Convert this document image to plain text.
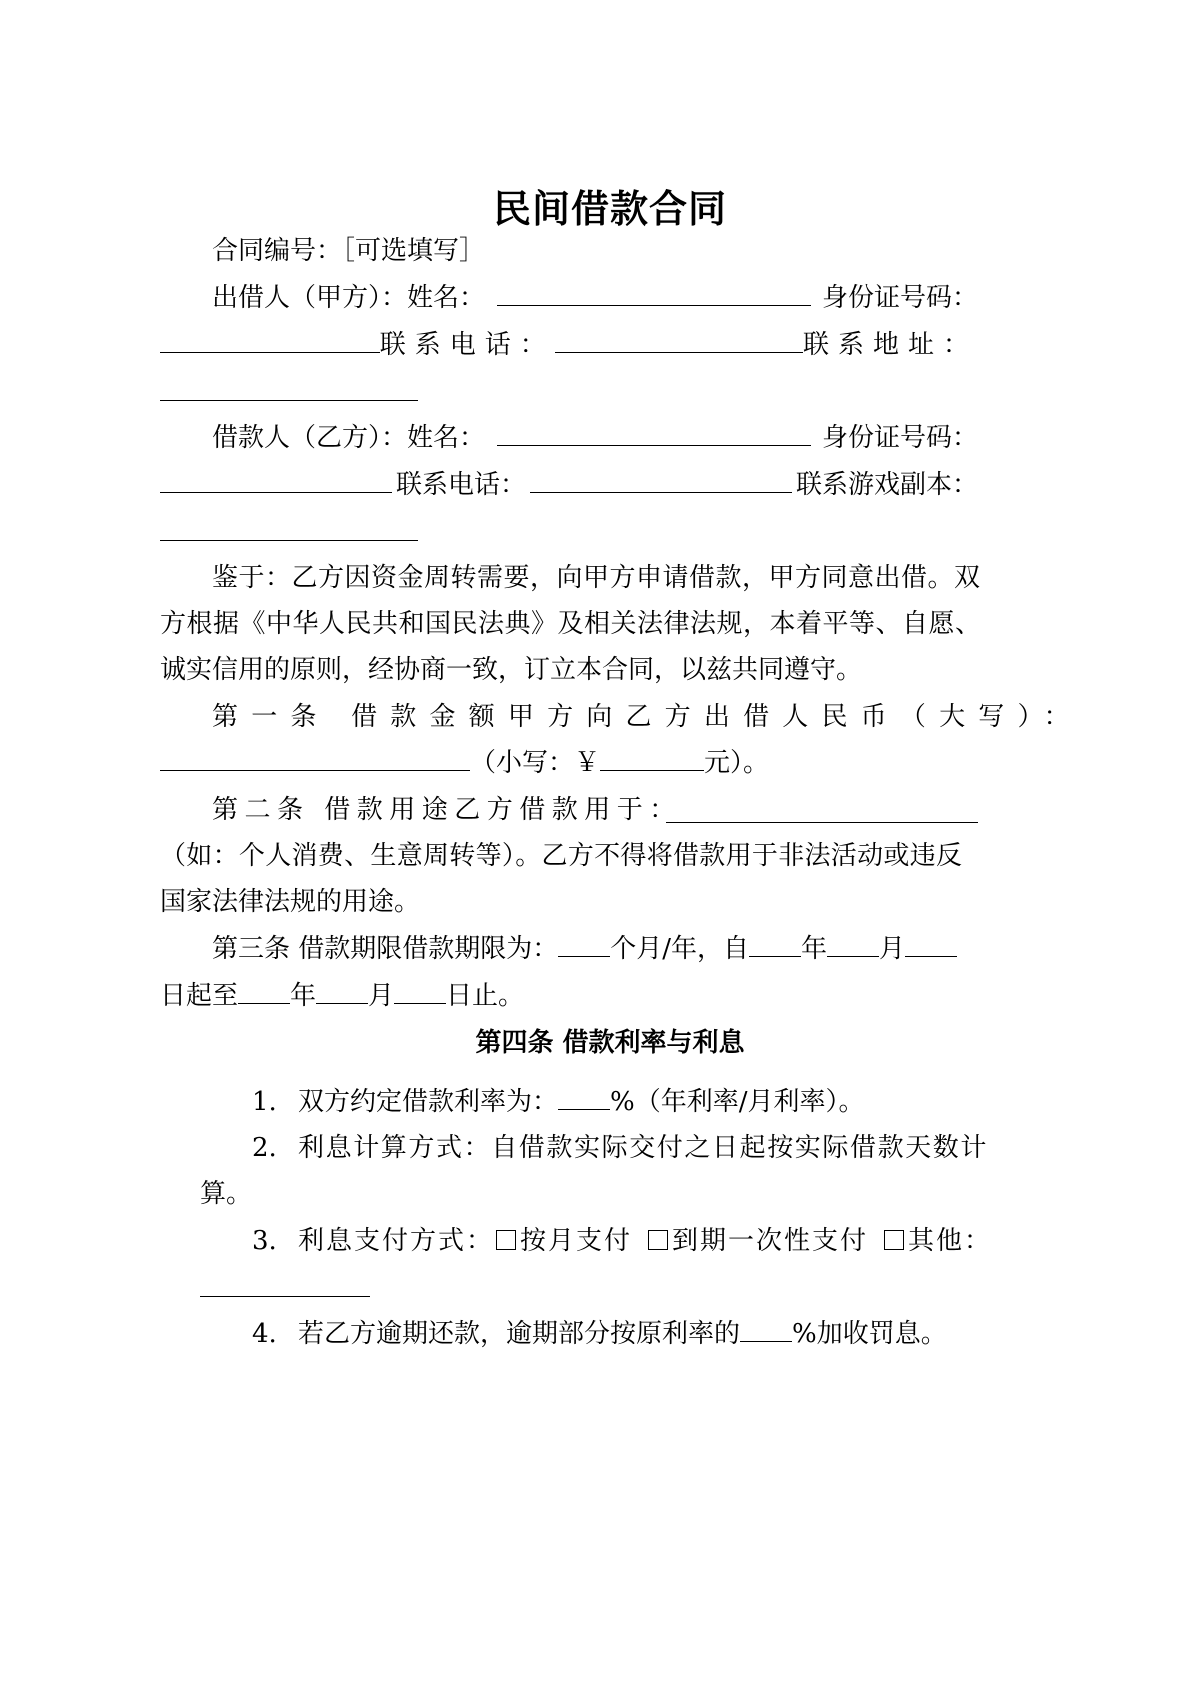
民间借款合同
合同编号：［可选填写］
出借人（甲方）：姓名：	身份证号码：
联系电话：	联系地址：
借款人（乙方）：姓名：	身份证号码：
联系电话：	联系游戏副本：
鉴于：乙方因资金周转需要，向甲方申请借款，甲方同意出借。双
方根据《中华人民共和国民法典》及相关法律法规，本着平等、自愿、
诚实信用的原则，经协商一致，订立本合同，以兹共同遵守。
第一条 借款金额甲方向乙方出借人民币（大写）：
（小写：￥	元）。
第二条 借款用途乙方借款用于：
（如：个人消费、生意周转等）。乙方不得将借款用于非法活动或违反
国家法律法规的用途。
第三条 借款期限借款期限为： 个月/年，自 年 月
日起至 年 月 日止。
第四条 借款利率与利息
1. 双方约定借款利率为： %（年利率/月利率）。
2. 利息计算方式：自借款实际交付之日起按实际借款天数计
算。
3. 利息支付方式： 按月支付 到期一次性支付 其他：
4. 若乙方逾期还款，逾期部分按原利率的 %加收罚息。
